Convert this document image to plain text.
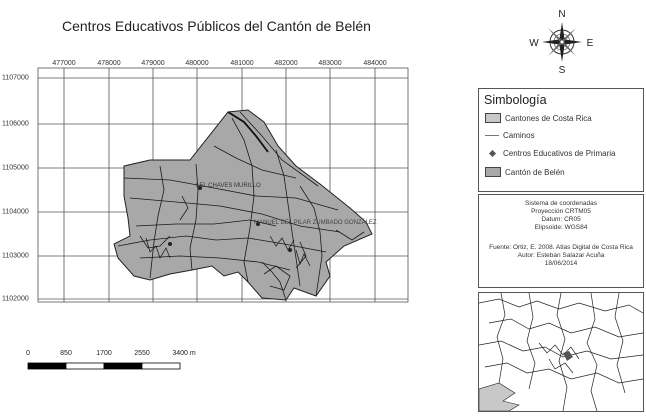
Centros Educativos Públicos del Cantón de Belén
477000	478000	479000	480000	481000	482000	483000	484000
1107000
1106000
1105000
1104000
1103000
1102000
LEL CHAVES MURILLO
MANUEL DEL PILAR ZUMBADO GONZÁLEZ
N
S
W	E
Simbología
Cantones de Costa Rica
Caminos
Centros Educativos de Primaria
Cantón de Belén
Sistema de coordenadas
Proyección CRTM05
Datum: CR05
Elipsoide: WGS84
Fuente: Ortiz, E. 2008. Atlas Digital de Costa Rica
Autor: Esteban Salazar Acuña
18/06/2014
0	850	1700	2550	3400 m
